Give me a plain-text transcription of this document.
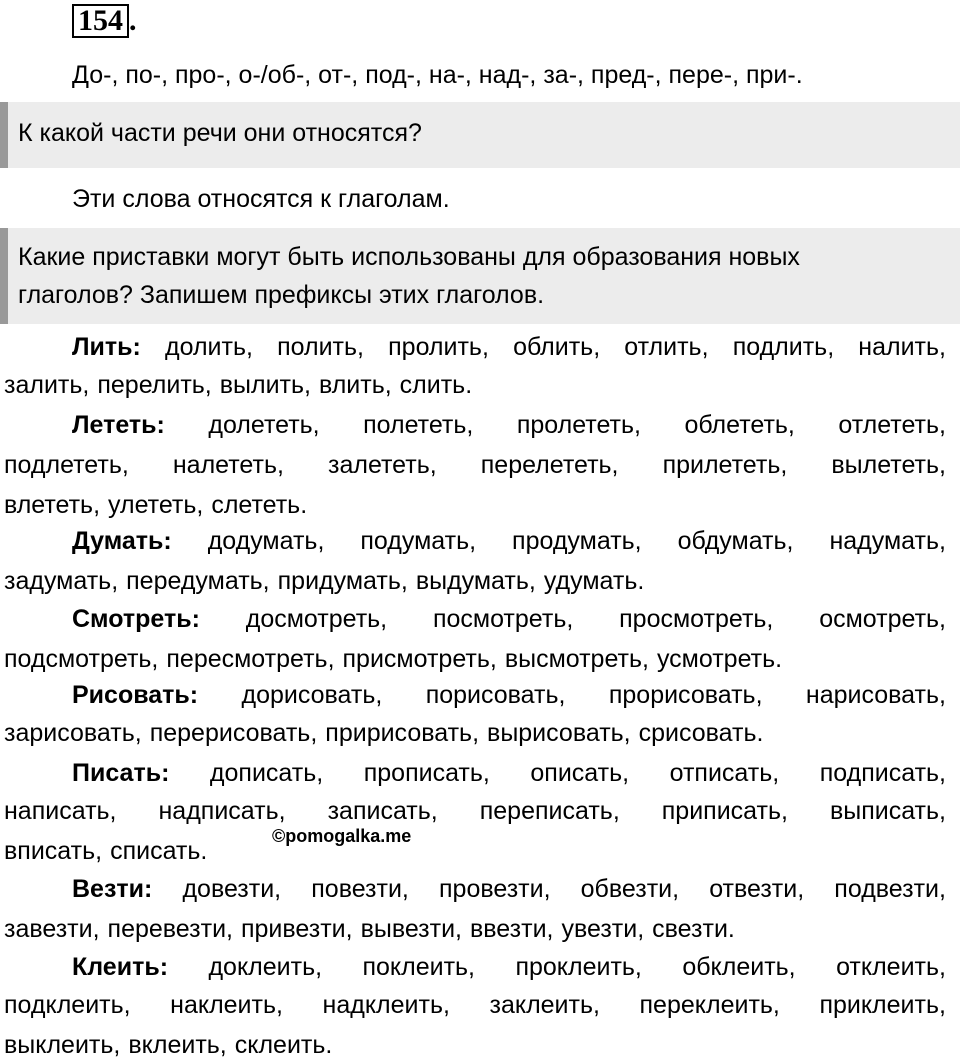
154 .
До-, по-, про-, о-/об-, от-, под-, на-, над-, за-, пред-, пере-, при-.
К какой части речи они относятся?
Эти слова относятся к глаголам.
Какие приставки могут быть использованы для образования новых
глаголов? Запишем префиксы этих глаголов.
Лить: долить, полить, пролить, облить, отлить, подлить, налить,
залить, перелить, вылить, влить, слить.
Лететь: долететь, полететь, пролететь, облететь, отлететь,
подлететь, налететь, залететь, перелететь, прилететь, вылететь,
влететь, улететь, слететь.
Думать: додумать, подумать, продумать, обдумать, надумать,
задумать, передумать, придумать, выдумать, удумать.
Смотреть: досмотреть, посмотреть, просмотреть, осмотреть,
подсмотреть, пересмотреть, присмотреть, высмотреть, усмотреть.
Рисовать: дорисовать, порисовать, прорисовать, нарисовать,
зарисовать, перерисовать, пририсовать, вырисовать, срисовать.
Писать: дописать, прописать, описать, отписать, подписать,
написать, надписать, записать, переписать, приписать, выписать,
вписать, списать.
Везти: довезти, повезти, провезти, обвезти, отвезти, подвезти,
завезти, перевезти, привезти, вывезти, ввезти, увезти, свезти.
Клеить: доклеить, поклеить, проклеить, обклеить, отклеить,
подклеить, наклеить, надклеить, заклеить, переклеить, приклеить,
выклеить, вклеить, склеить.
©pomogalka.me
